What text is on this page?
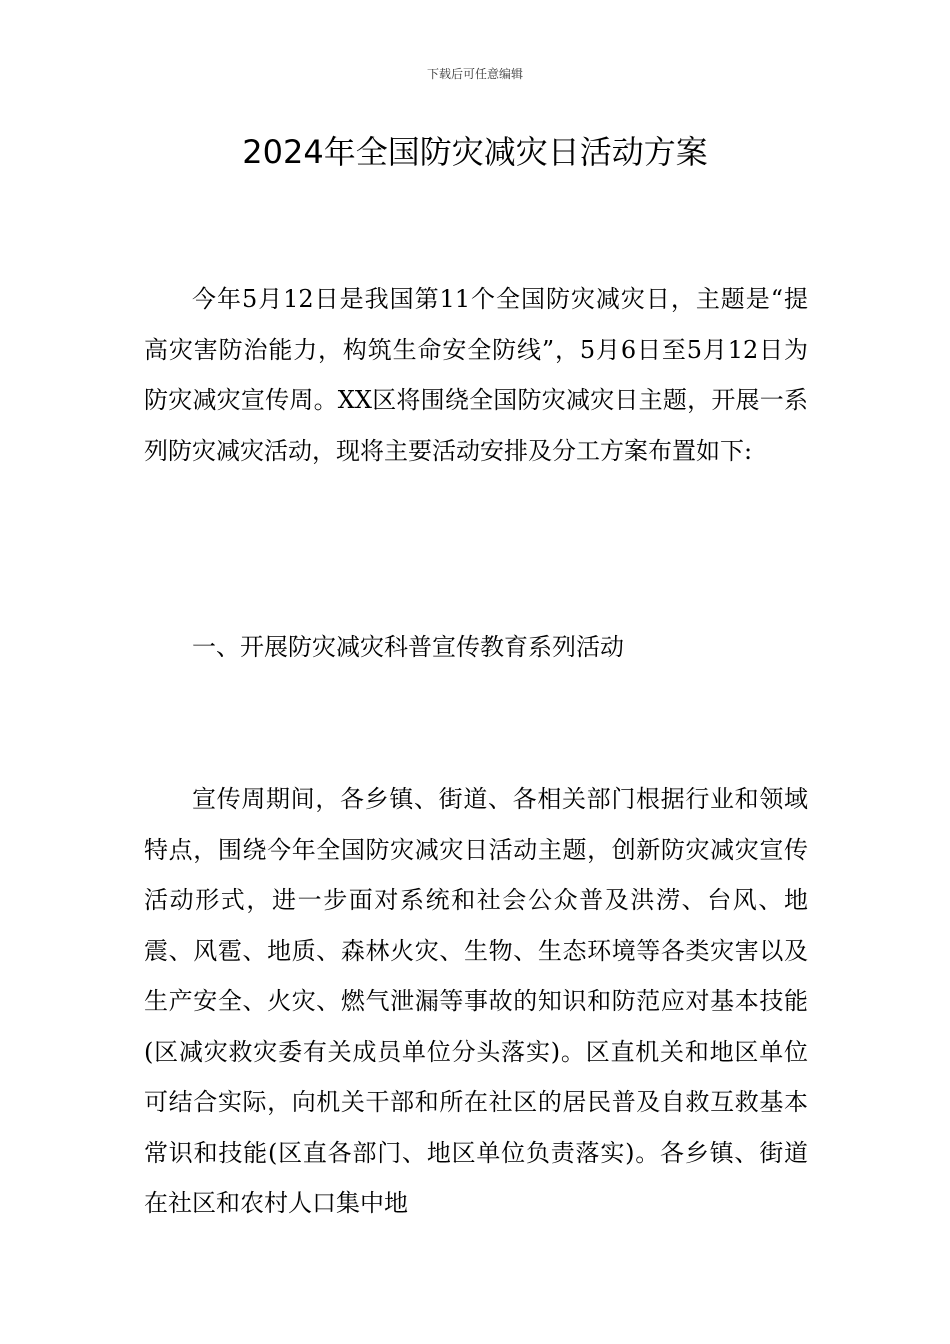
下载后可任意编辑
2024年全国防灾减灾日活动方案

今年5月12日是我国第11个全国防灾减灾日，主题是“提高灾害防治能力，构筑生命安全防线”，5月6日至5月12日为防灾减灾宣传周。XX区将围绕全国防灾减灾日主题，开展一系列防灾减灾活动，现将主要活动安排及分工方案布置如下:

一、开展防灾减灾科普宣传教育系列活动

宣传周期间，各乡镇、街道、各相关部门根据行业和领域特点，围绕今年全国防灾减灾日活动主题，创新防灾减灾宣传活动形式，进一步面对系统和社会公众普及洪涝、台风、地震、风雹、地质、森林火灾、生物、生态环境等各类灾害以及生产安全、火灾、燃气泄漏等事故的知识和防范应对基本技能(区减灾救灾委有关成员单位分头落实)。区直机关和地区单位可结合实际，向机关干部和所在社区的居民普及自救互救基本常识和技能(区直各部门、地区单位负责落实)。各乡镇、街道在社区和农村人口集中地
